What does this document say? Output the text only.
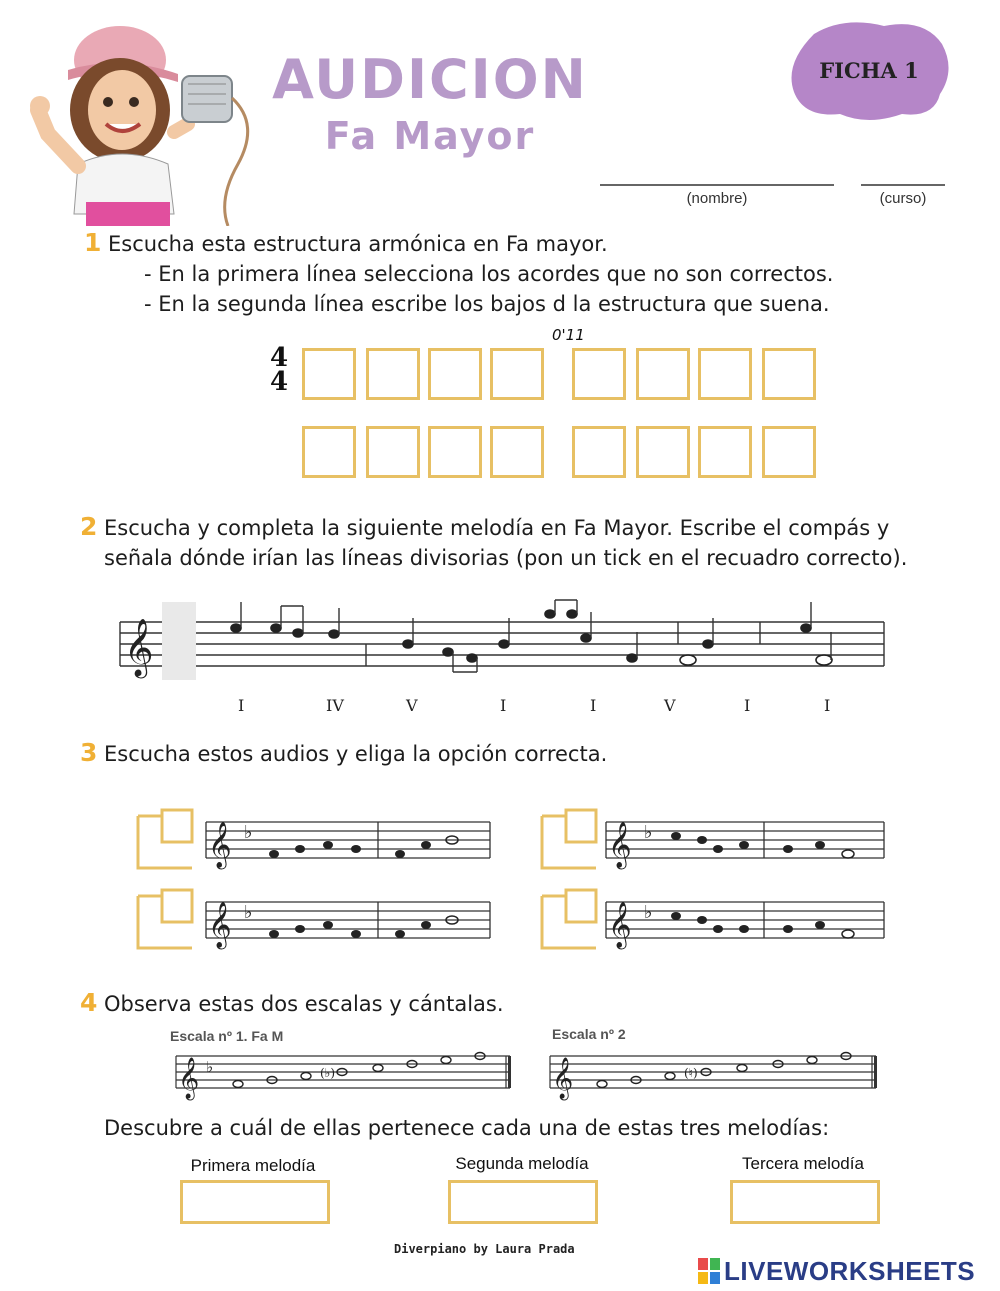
AUDICION
Fa Mayor
FICHA 1
(nombre)	(curso)
1 Escucha esta estructura armónica en Fa mayor.
- En la primera línea selecciona los acordes que no son correctos.
- En la segunda línea escribe los bajos d la estructura que suena.
0'11
4
4
2 Escucha y completa la siguiente melodía en Fa Mayor. Escribe el compás y
señala dónde irían las líneas divisorias (pon un tick en el recuadro correcto).
𝄞
I	IV	V	I	I	V	I	I
3 Escucha estos audios y eliga la opción correcta.
𝄞 ♭	𝄞 ♭
𝄞 ♭	𝄞 ♭
4 Observa estas dos escalas y cántalas.
Escala nº 1. Fa M	Escala nº 2
𝄞 ♭	(♭)	𝄞	(♮)
Descubre a cuál de ellas pertenece cada una de estas tres melodías:
Primera melodía	Segunda melodía	Tercera melodía
Diverpiano by Laura Prada
LIVEWORKSHEETS
